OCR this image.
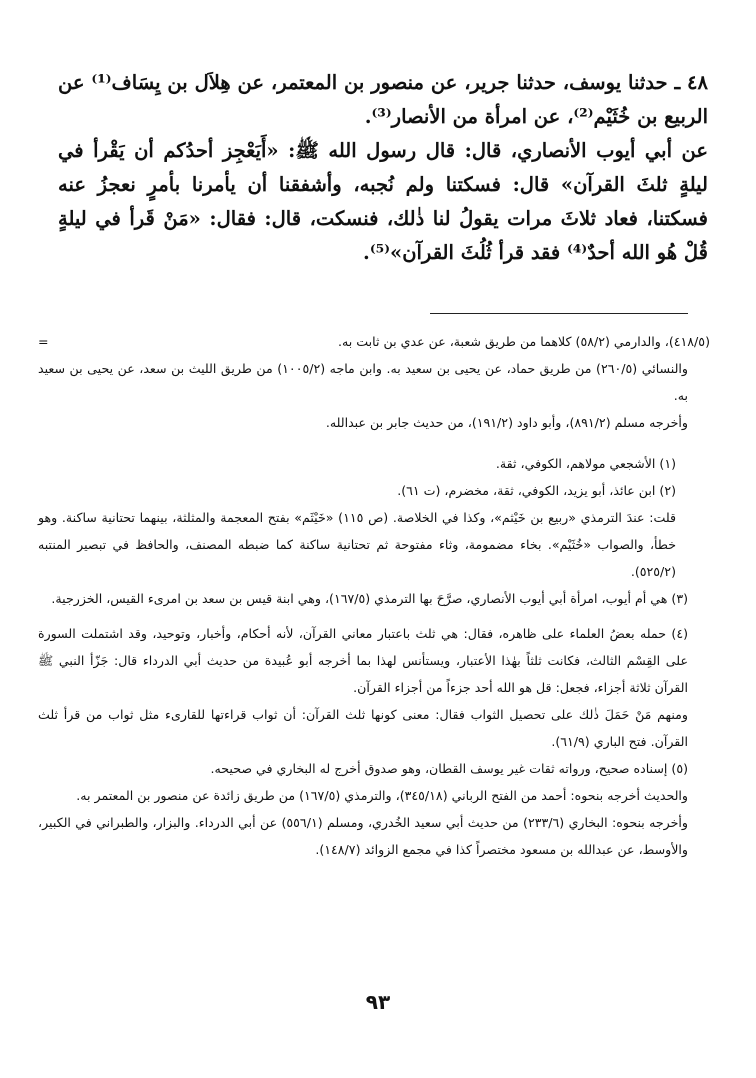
٤٨ ـ حدثنا يوسف، حدثنا جرير، عن منصور بن المعتمر، عن هِلاَل بن يِسَاف⁽¹⁾ عن الربيع بن خُثَيْم⁽²⁾، عن امرأة من الأنصار⁽³⁾.

عن أبي أيوب الأنصاري، قال: قال رسول الله ﷺ: «أَيَعْجِز أحدُكم أن يَقْرأ في ليلةٍ ثلثَ القرآن» قال: فسكتنا ولم نُجبه، وأشفقنا أن يأمرنا بأمرٍ نعجزُ عنه فسكتنا، فعاد ثلاثَ مرات يقولُ لنا ذٰلك، فنسكت، قال: فقال: «مَنْ قَرأ في ليلةٍ قُلْ هُو الله أحدٌ⁽⁴⁾ فقد قرأ ثُلُثَ القرآن»⁽⁵⁾.

=	(٤١٨/٥)، والدارمي (٥٨/٢) كلاهما من طريق شعبة، عن عدي بن ثابت به.

والنسائي (٢٦٠/٥) من طريق حماد، عن يحيى بن سعيد به. وابن ماجه (١٠٠٥/٢) من طريق الليث بن سعد، عن يحيى بن سعيد به.

وأخرجه مسلم (٨٩١/٢)، وأبو داود (١٩١/٢)، من حديث جابر بن عبدالله.

(١) الأشجعي مولاهم، الكوفي، ثقة.

(٢) ابن عائذ، أبو يزيد، الكوفي، ثقة، مخضرم، (ت ٦١).

قلت: عندَ الترمذي «ربيع بن خَيْثم»، وكذا في الخلاصة. (ص ١١٥) «خَيْثَم» بفتح المعجمة والمثلثة، بينهما تحتانية ساكنة. وهو خطأ، والصواب «خُثَيْم». بخاء مضمومة، وثاء مفتوحة ثم تحتانية ساكنة كما ضبطه المصنف، والحافظ في تبصير المنتبه (٥٢٥/٢).

(٣) هي أم أيوب، امرأة أبي أيوب الأنصاري، صرَّحَ بها الترمذي (١٦٧/٥)، وهي ابنة قيس بن سعد بن امرىء القيس، الخزرجية.

(٤) حمله بعضُ العلماء على ظاهره، فقال: هي ثلث باعتبار معاني القرآن، لأنه أحكام، وأخبار، وتوحيد، وقد اشتملت السورة على القِسْم الثالث، فكانت ثلثاً بهٰذا الأعتبار، ويستأنس لهذا بما أخرجه أبو عُبيدة من حديث أبي الدرداء قال: جَزّأ النبي ﷺ القرآن ثلاثة أجزاء، فجعل: قل هو الله أحد جزءاً من أجزاء القرآن.

ومنهم مَنْ حَمَلَ ذٰلك على تحصيل الثواب فقال: معنى كونها ثلث القرآن: أن ثواب قراءتها للقارىء مثل ثواب من قرأ ثلث القرآن. فتح الباري (٦١/٩).

(٥) إسناده صحيح، ورواته ثقات غير يوسف القطان، وهو صدوق أخرج له البخاري في صحيحه.

والحديث أخرجه بنحوه: أحمد من الفتح الرباني (٣٤٥/١٨)، والترمذي (١٦٧/٥) من طريق زائدة عن منصور بن المعتمر به.

وأخرجه بنحوه: البخاري (٢٣٣/٦) من حديث أبي سعيد الخُدري، ومسلم (٥٥٦/١) عن أبي الدرداء. والبزار، والطبراني في الكبير، والأوسط، عن عبدالله بن مسعود مختصراً كذا في مجمع الزوائد (١٤٨/٧).

٩٣
